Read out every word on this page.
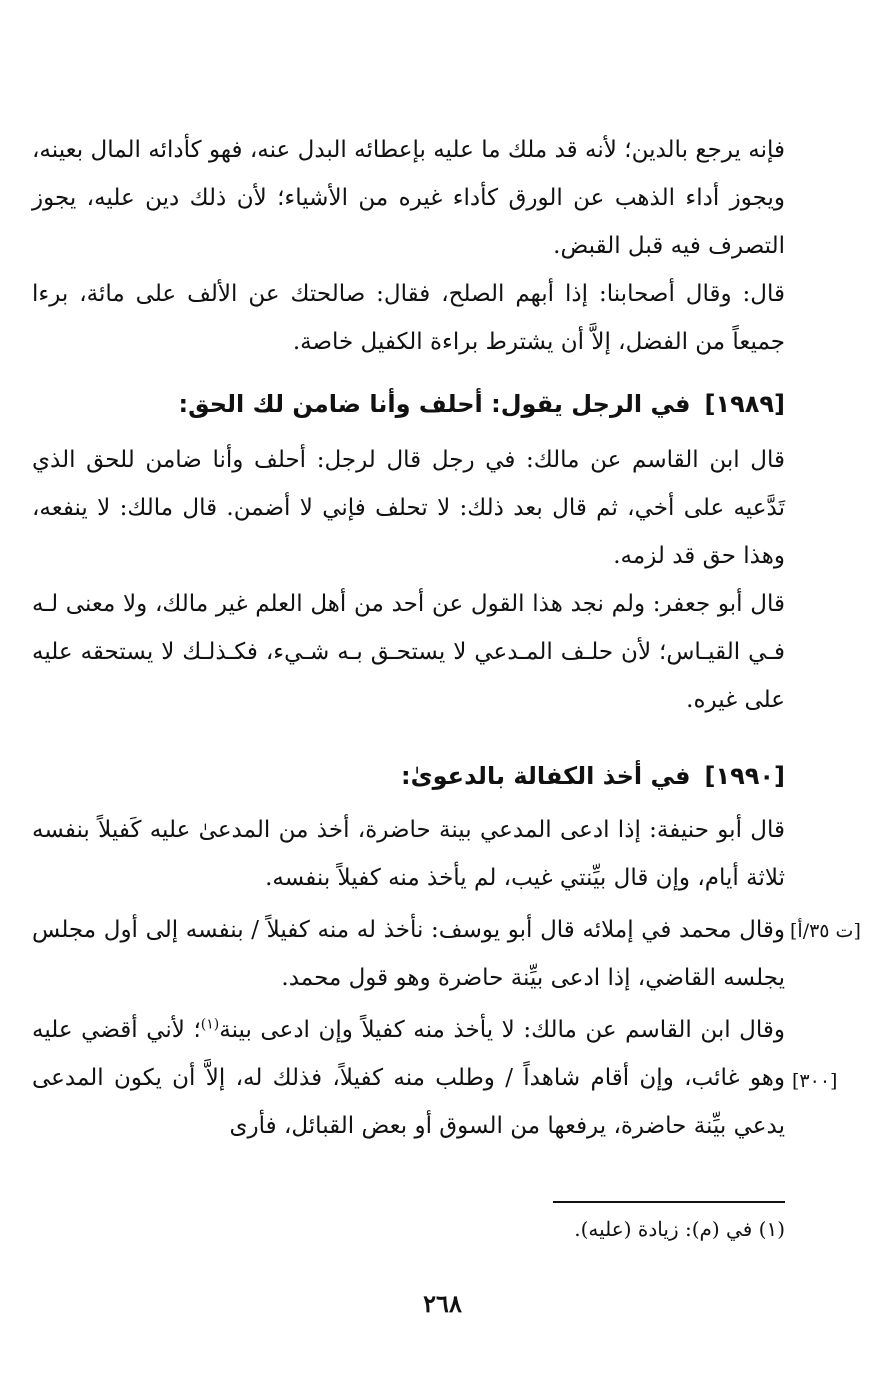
فإنه يرجع بالدين؛ لأنه قد ملك ما عليه بإعطائه البدل عنه، فهو كأدائه المال بعينه، ويجوز أداء الذهب عن الورق كأداء غيره من الأشياء؛ لأن ذلك دين عليه، يجوز التصرف فيه قبل القبض.

قال: وقال أصحابنا: إذا أبهم الصلح، فقال: صالحتك عن الألف على مائة، برءا جميعاً من الفضل، إلاَّ أن يشترط براءة الكفيل خاصة.

[١٩٨٩]في الرجل يقول: أحلف وأنا ضامن لك الحق:

قال ابن القاسم عن مالك: في رجل قال لرجل: أحلف وأنا ضامن للحق الذي تَدَّعيه على أخي، ثم قال بعد ذلك: لا تحلف فإني لا أضمن. قال مالك: لا ينفعه، وهذا حق قد لزمه.

قال أبو جعفر: ولم نجد هذا القول عن أحد من أهل العلم غير مالك، ولا معنى لـه فـي القيـاس؛ لأن حلـف المـدعي لا يستحـق بـه شـيء، فكـذلـك لا يستحقه عليه على غيره.

[١٩٩٠]في أخذ الكفالة بالدعوىٰ:

قال أبو حنيفة: إذا ادعى المدعي بينة حاضرة، أخذ من المدعىٰ عليه كَفيلاً بنفسه ثلاثة أيام، وإن قال بيِّنتي غيب، لم يأخذ منه كفيلاً بنفسه.

وقال محمد في إملائه قال أبو يوسف: نأخذ له منه كفيلاً / بنفسه إلى أول مجلس يجلسه القاضي، إذا ادعى بيِّنة حاضرة وهو قول محمد.

[ت ٣٥/أ]

وقال ابن القاسم عن مالك: لا يأخذ منه كفيلاً وإن ادعى بينة$^{(١)}$؛ لأني أقضي عليه وهو غائب، وإن أقام شاهداً / وطلب منه كفيلاً، فذلك له، إلاَّ أن يكون المدعى يدعي بيِّنة حاضرة، يرفعها من السوق أو بعض القبائل، فأرى

[٣٠٠]

(١) في (م): زيادة (عليه).

٢٦٨
